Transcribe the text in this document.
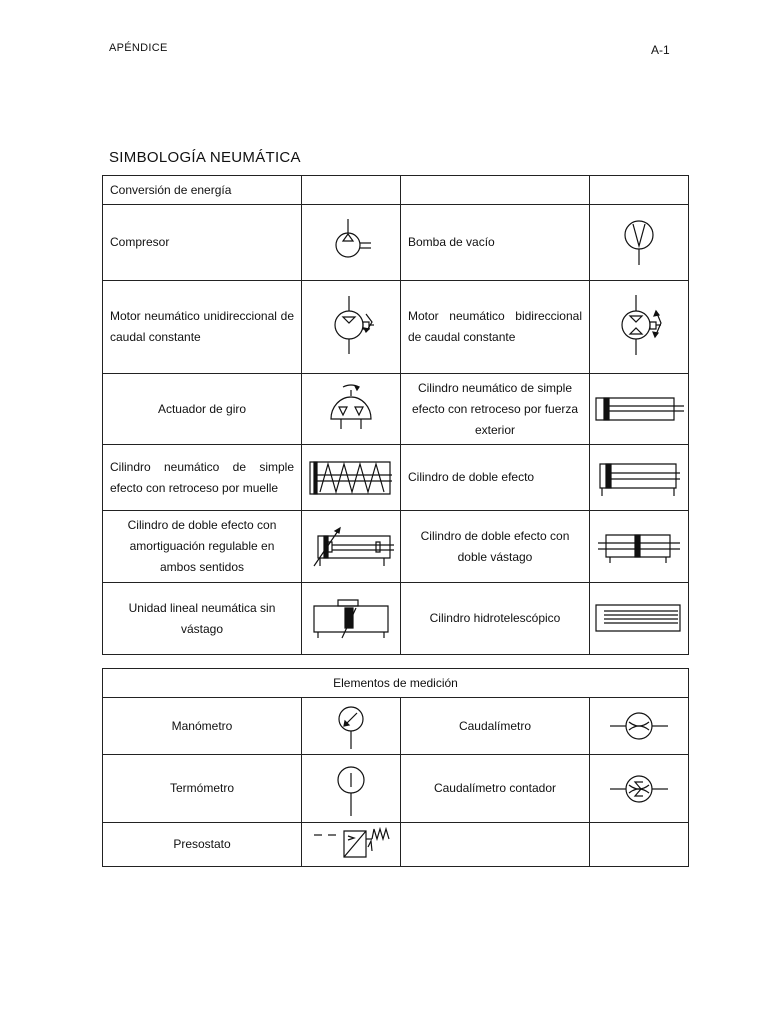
APÉNDICE	A-1
SIMBOLOGÍA NEUMÁTICA
Conversión de energía			
Compresor		Bomba de vacío	

Motor neumático unidireccional de caudal constante		Motor neumático bidireccional de caudal constante	

Actuador de giro		Cilindro neumático de simple efecto con retroceso por fuerza exterior	

Cilindro neumático de simple efecto con retroceso por muelle		Cilindro de doble efecto	

Cilindro de doble efecto con amortiguación regulable en ambos sentidos		Cilindro de doble efecto con doble vástago	

Unidad lineal neumática sin vástago		Cilindro hidrotelescópico	
Elementos de medición			
Manómetro		Caudalímetro	

Termómetro		Caudalímetro contador	

Presostato	
